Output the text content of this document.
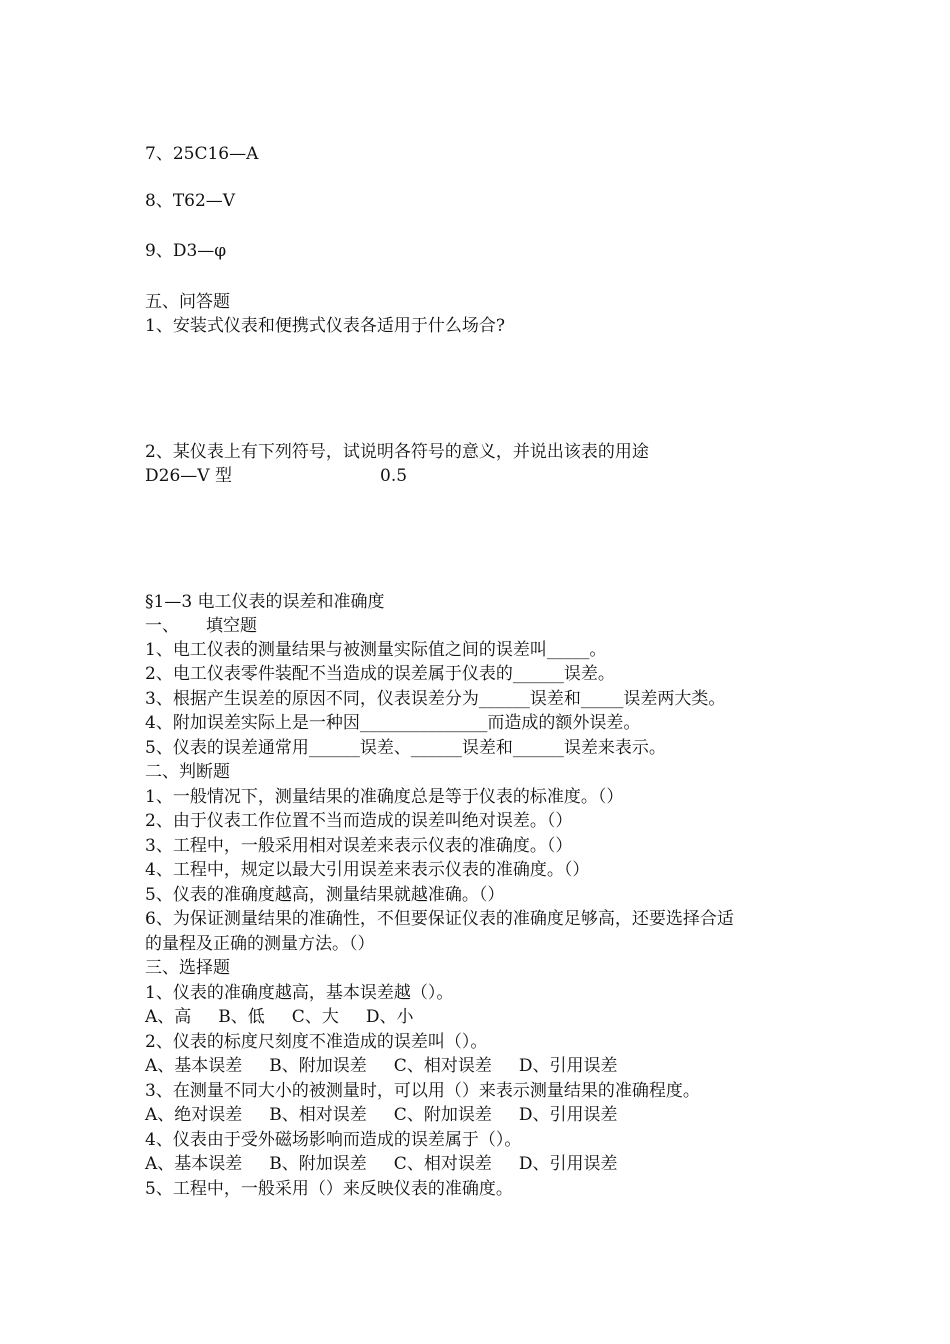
7、25C16—A
8、T62—V
9、D3—φ
五、问答题
1、安装式仪表和便携式仪表各适用于什么场合?
2、某仪表上有下列符号，试说明各符号的意义，并说出该表的用途
D26—V 型	0.5
§1—3 电工仪表的误差和准确度
一、     填空题
1、电工仪表的测量结果与被测量实际值之间的误差叫_____。
2、电工仪表零件装配不当造成的误差属于仪表的______误差。
3、根据产生误差的原因不同，仪表误差分为______误差和_____误差两大类。
4、附加误差实际上是一种因_______________而造成的额外误差。
5、仪表的误差通常用______误差、______误差和______误差来表示。
二、判断题
1、一般情况下，测量结果的准确度总是等于仪表的标准度。（）
2、由于仪表工作位置不当而造成的误差叫绝对误差。（）
3、工程中，一般采用相对误差来表示仪表的准确度。（）
4、工程中，规定以最大引用误差来表示仪表的准确度。（）
5、仪表的准确度越高，测量结果就越准确。（）
6、为保证测量结果的准确性，不但要保证仪表的准确度足够高，还要选择合适
的量程及正确的测量方法。（）
三、选择题
1、仪表的准确度越高，基本误差越（）。
A、高     B、低     C、大     D、小
2、仪表的标度尺刻度不准造成的误差叫（）。
A、基本误差     B、附加误差     C、相对误差     D、引用误差
3、在测量不同大小的被测量时，可以用（）来表示测量结果的准确程度。
A、绝对误差     B、相对误差     C、附加误差     D、引用误差
4、仪表由于受外磁场影响而造成的误差属于（）。
A、基本误差     B、附加误差     C、相对误差     D、引用误差
5、工程中，一般采用（）来反映仪表的准确度。
